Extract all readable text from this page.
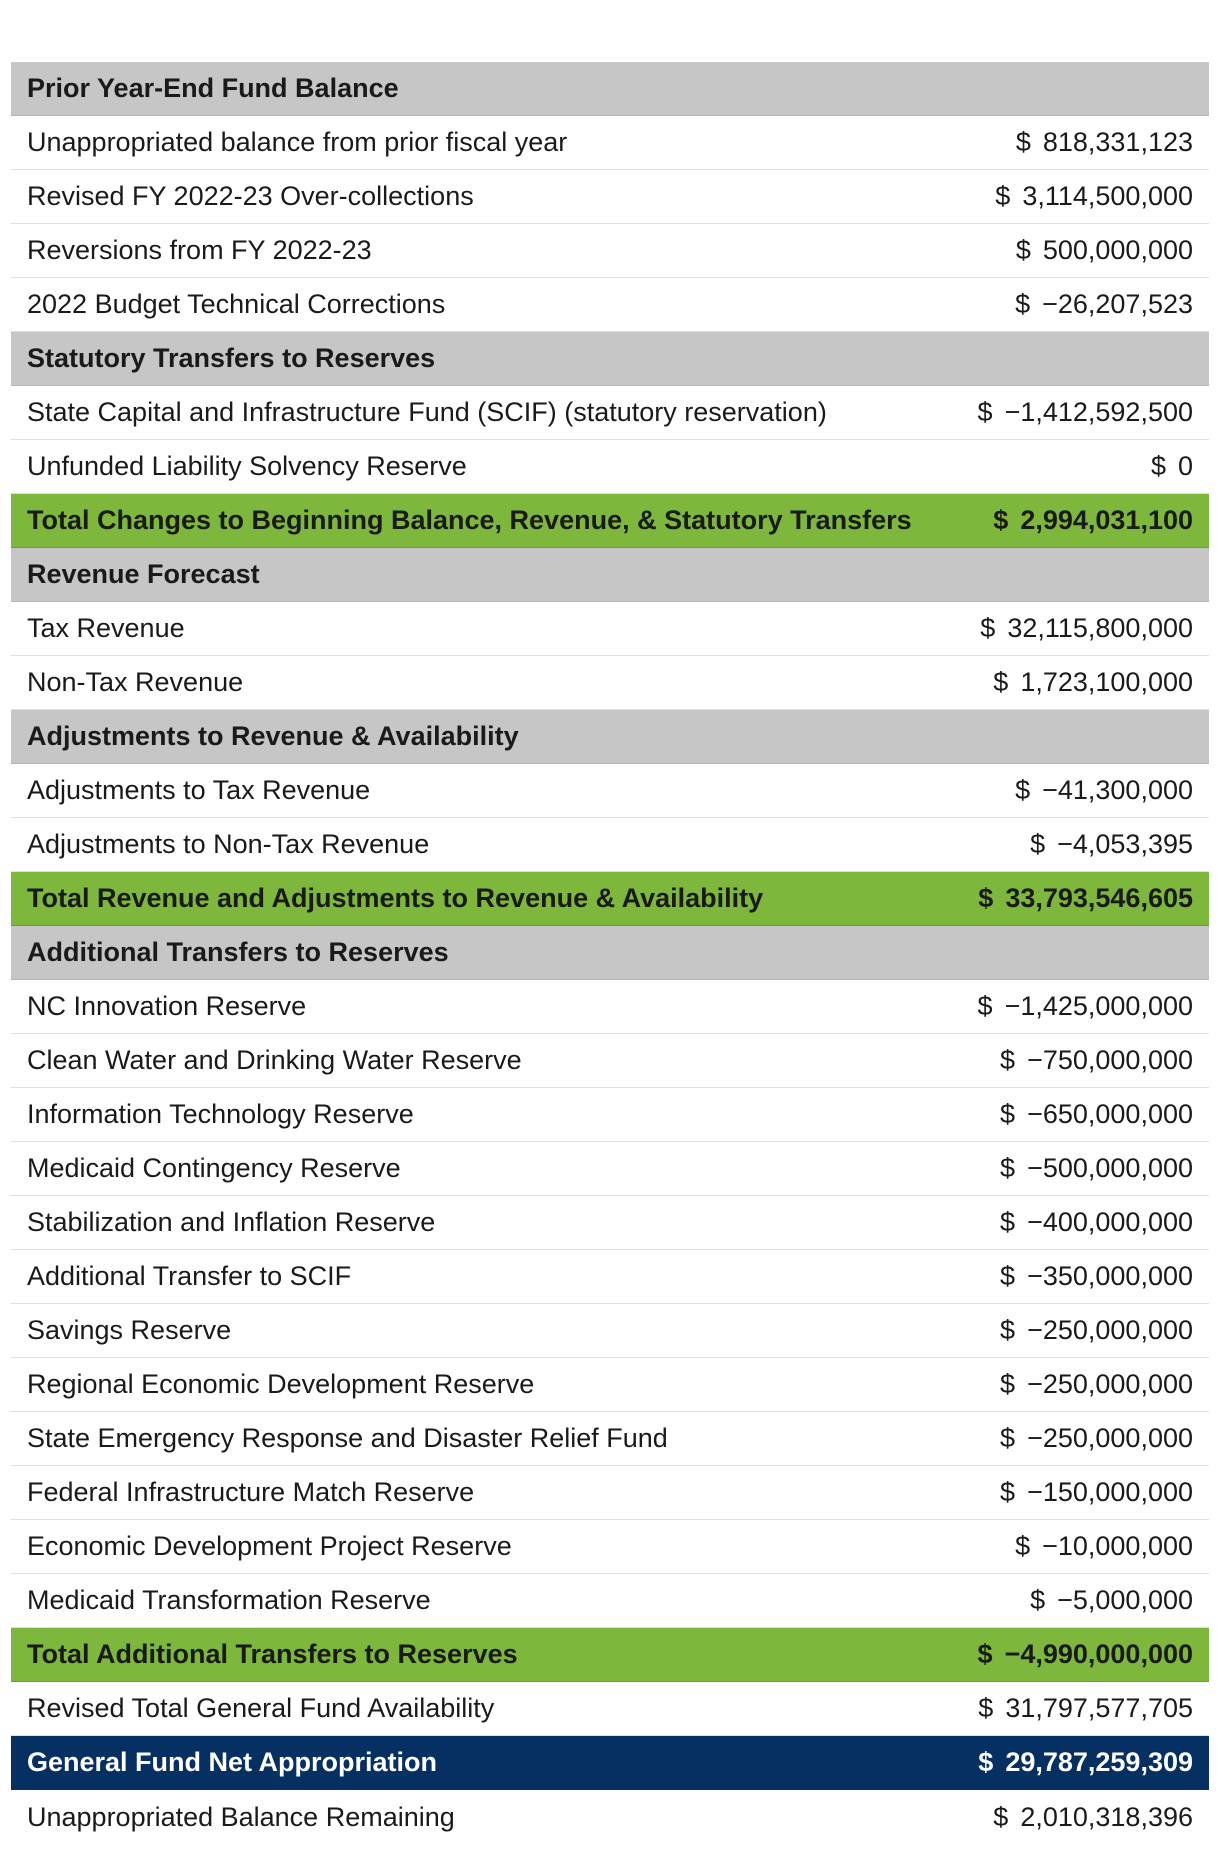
Prior Year-End Fund Balance
Unappropriated balance from prior fiscal year	$ 818,331,123
Revised FY 2022-23 Over-collections	$ 3,114,500,000
Reversions from FY 2022-23	$ 500,000,000
2022 Budget Technical Corrections	$ −26,207,523
Statutory Transfers to Reserves
State Capital and Infrastructure Fund (SCIF) (statutory reservation)	$ −1,412,592,500
Unfunded Liability Solvency Reserve	$ 0
Total Changes to Beginning Balance, Revenue, & Statutory Transfers	$ 2,994,031,100
Revenue Forecast
Tax Revenue	$ 32,115,800,000
Non-Tax Revenue	$ 1,723,100,000
Adjustments to Revenue & Availability
Adjustments to Tax Revenue	$ −41,300,000
Adjustments to Non-Tax Revenue	$ −4,053,395
Total Revenue and Adjustments to Revenue & Availability	$ 33,793,546,605
Additional Transfers to Reserves
NC Innovation Reserve	$ −1,425,000,000
Clean Water and Drinking Water Reserve	$ −750,000,000
Information Technology Reserve	$ −650,000,000
Medicaid Contingency Reserve	$ −500,000,000
Stabilization and Inflation Reserve	$ −400,000,000
Additional Transfer to SCIF	$ −350,000,000
Savings Reserve	$ −250,000,000
Regional Economic Development Reserve	$ −250,000,000
State Emergency Response and Disaster Relief Fund	$ −250,000,000
Federal Infrastructure Match Reserve	$ −150,000,000
Economic Development Project Reserve	$ −10,000,000
Medicaid Transformation Reserve	$ −5,000,000
Total Additional Transfers to Reserves	$ −4,990,000,000
Revised Total General Fund Availability	$ 31,797,577,705
General Fund Net Appropriation	$ 29,787,259,309
Unappropriated Balance Remaining	$ 2,010,318,396
